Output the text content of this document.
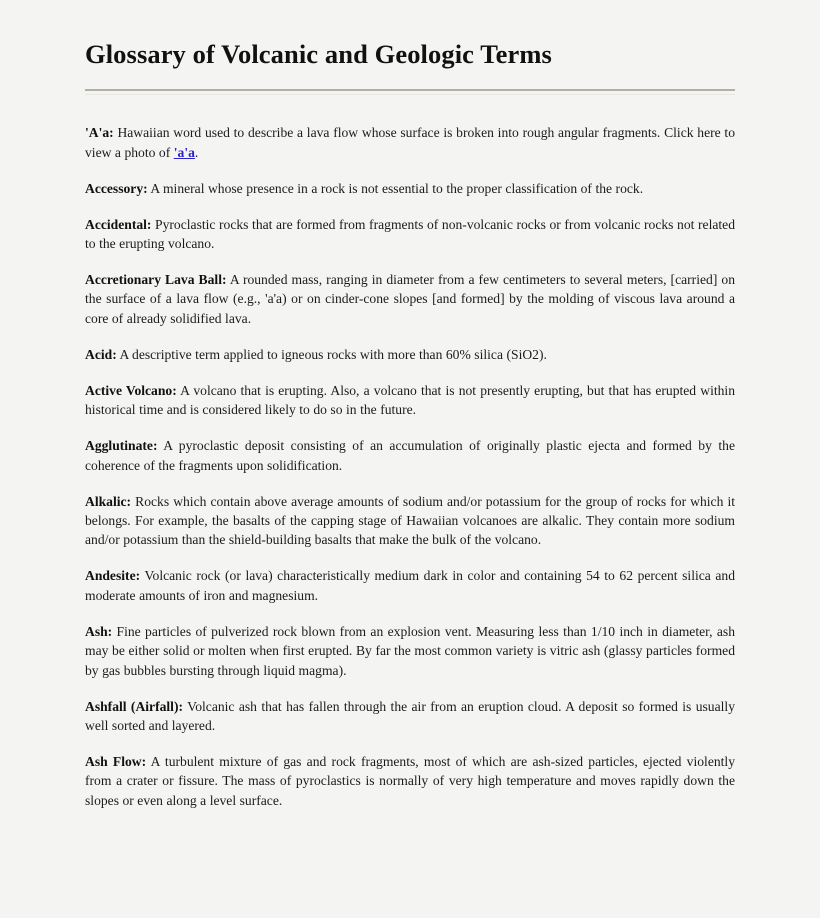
Glossary of Volcanic and Geologic Terms

'A'a: Hawaiian word used to describe a lava flow whose surface is broken into rough angular fragments. Click here to view a photo of 'a'a.

Accessory: A mineral whose presence in a rock is not essential to the proper classification of the rock.

Accidental: Pyroclastic rocks that are formed from fragments of non-volcanic rocks or from volcanic rocks not related to the erupting volcano.

Accretionary Lava Ball: A rounded mass, ranging in diameter from a few centimeters to several meters, [carried] on the surface of a lava flow (e.g., 'a'a) or on cinder-cone slopes [and formed] by the molding of viscous lava around a core of already solidified lava.

Acid: A descriptive term applied to igneous rocks with more than 60% silica (SiO2).

Active Volcano: A volcano that is erupting. Also, a volcano that is not presently erupting, but that has erupted within historical time and is considered likely to do so in the future.

Agglutinate: A pyroclastic deposit consisting of an accumulation of originally plastic ejecta and formed by the coherence of the fragments upon solidification.

Alkalic: Rocks which contain above average amounts of sodium and/or potassium for the group of rocks for which it belongs. For example, the basalts of the capping stage of Hawaiian volcanoes are alkalic. They contain more sodium and/or potassium than the shield-building basalts that make the bulk of the volcano.

Andesite: Volcanic rock (or lava) characteristically medium dark in color and containing 54 to 62 percent silica and moderate amounts of iron and magnesium.

Ash: Fine particles of pulverized rock blown from an explosion vent. Measuring less than 1/10 inch in diameter, ash may be either solid or molten when first erupted. By far the most common variety is vitric ash (glassy particles formed by gas bubbles bursting through liquid magma).

Ashfall (Airfall): Volcanic ash that has fallen through the air from an eruption cloud. A deposit so formed is usually well sorted and layered.

Ash Flow: A turbulent mixture of gas and rock fragments, most of which are ash-sized particles, ejected violently from a crater or fissure. The mass of pyroclastics is normally of very high temperature and moves rapidly down the slopes or even along a level surface.
